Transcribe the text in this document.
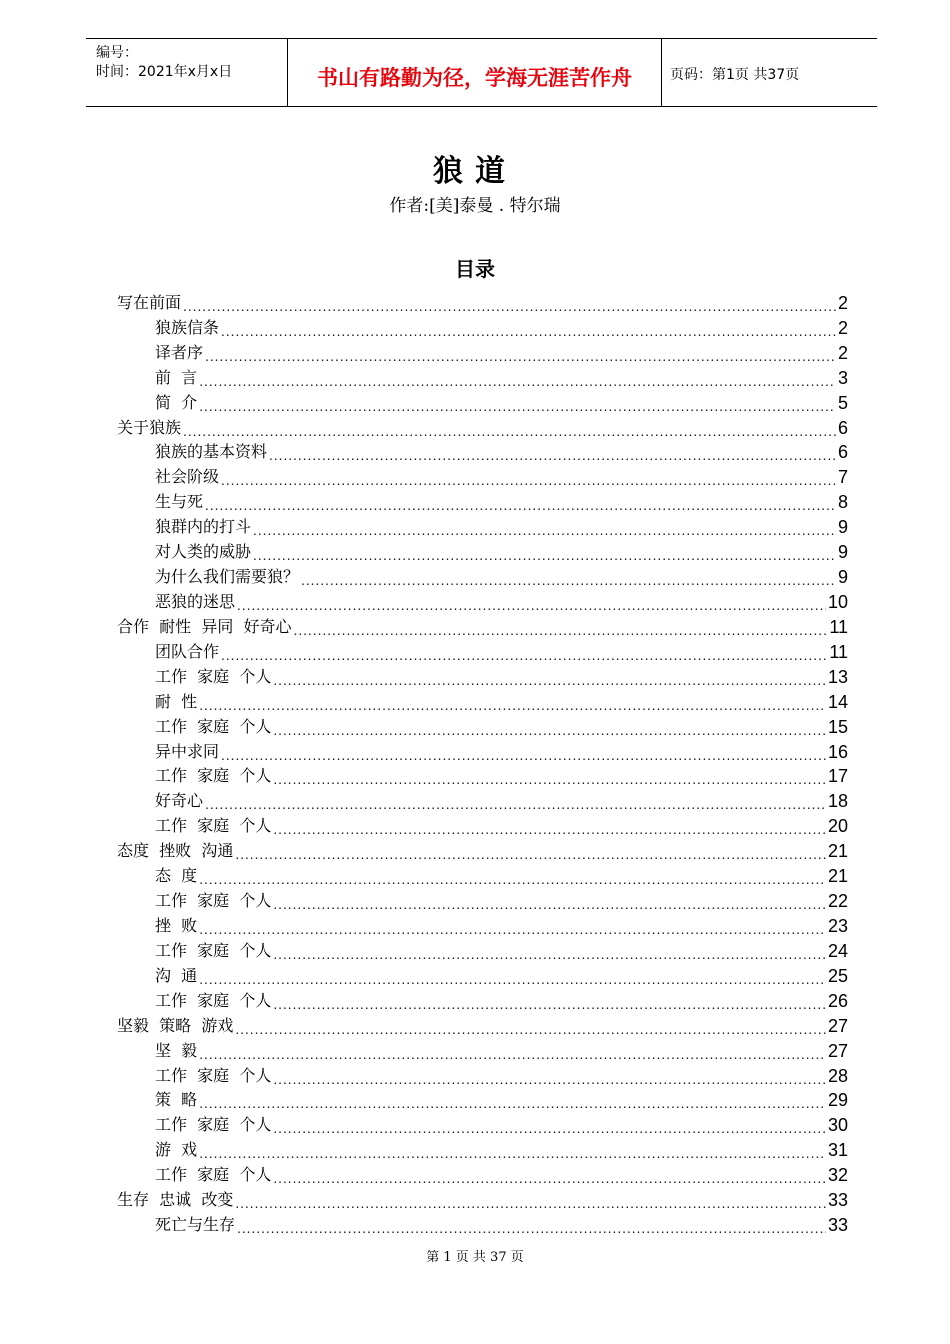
编号：
时间：2021年x月x日	书山有路勤为径，学海无涯苦作舟	页码：第1页 共37页
狼道
作者:[美]泰曼 . 特尔瑞
目录
写在前面 .....	2
狼族信条 .....	2
译者序 .....	2
前  言 .....	3
简  介 .....	5
关于狼族 .....	6
狼族的基本资料 .....	6
社会阶级 .....	7
生与死 .....	8
狼群内的打斗 .....	9
对人类的威胁 .....	9
为什么我们需要狼？ .....	9
恶狼的迷思 .....	10
合作  耐性  异同  好奇心 .....	11
团队合作 .....	11
工作  家庭  个人 .....	13
耐  性 .....	14
工作  家庭  个人 .....	15
异中求同 .....	16
工作  家庭  个人 .....	17
好奇心 .....	18
工作  家庭  个人 .....	20
态度  挫败  沟通 .....	21
态  度 .....	21
工作  家庭  个人 .....	22
挫  败 .....	23
工作  家庭  个人 .....	24
沟  通 .....	25
工作  家庭  个人 .....	26
坚毅  策略  游戏 .....	27
坚  毅 .....	27
工作  家庭  个人 .....	28
策  略 .....	29
工作  家庭  个人 .....	30
游  戏 .....	31
工作  家庭  个人 .....	32
生存  忠诚  改变 .....	33
死亡与生存 .....	33
第 1 页 共 37 页
